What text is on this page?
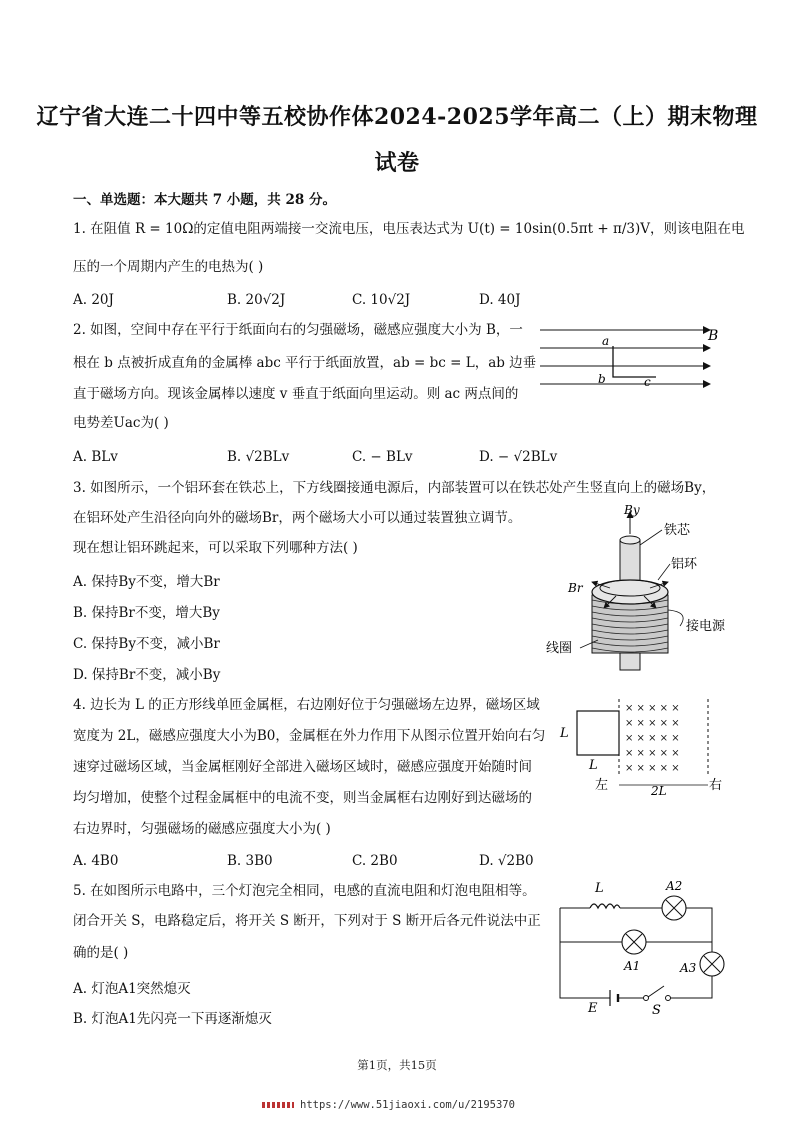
辽宁省大连二十四中等五校协作体2024-2025学年高二（上）期末物理
试卷
一、单选题：本大题共 7 小题，共 28 分。
1. 在阻值 R = 10Ω的定值电阻两端接一交流电压，电压表达式为 U(t) = 10sin(0.5πt + π/3)V，则该电阻在电
压的一个周期内产生的电热为( )
A. 20J	B. 20√2J	C. 10√2J	D. 40J
2. 如图，空间中存在平行于纸面向右的匀强磁场，磁感应强度大小为 B，一
根在 b 点被折成直角的金属棒 abc 平行于纸面放置，ab = bc = L，ab 边垂
直于磁场方向。现该金属棒以速度 v 垂直于纸面向里运动。则 ac 两点间的
电势差Uac为( )
A. BLv	B. √2BLv	C. − BLv	D. − √2BLv
a
b	c
B
3. 如图所示，一个铝环套在铁芯上，下方线圈接通电源后，内部装置可以在铁芯处产生竖直向上的磁场By，
在铝环处产生沿径向向外的磁场Br，两个磁场大小可以通过装置独立调节。
现在想让铝环跳起来，可以采取下列哪种方法( )
A. 保持By不变，增大Br
B. 保持Br不变，增大By
C. 保持By不变，减小Br
D. 保持Br不变，减小By
By
Br
铁芯
铝环
接电源
线圈
4. 边长为 L 的正方形线单匝金属框，右边刚好位于匀强磁场左边界，磁场区域
宽度为 2L，磁感应强度大小为B0，金属框在外力作用下从图示位置开始向右匀
速穿过磁场区域，当金属框刚好全部进入磁场区域时，磁感应强度开始随时间
均匀增加，使整个过程金属框中的电流不变，则当金属框右边刚好到达磁场的
右边界时，匀强磁场的磁感应强度大小为( )
A. 4B0	B. 3B0	C. 2B0	D. √2B0
L
L
× × × × ×
× × × × ×
× × × × ×
× × × × ×
× × × × ×
左	右
2L
5. 在如图所示电路中，三个灯泡完全相同，电感的直流电阻和灯泡电阻相等。
闭合开关 S，电路稳定后，将开关 S 断开，下列对于 S 断开后各元件说法中正
确的是( )
A. 灯泡A1突然熄灭
B. 灯泡A1先闪亮一下再逐渐熄灭
L	A2
A1	A3
E	S
第1页，共15页
https://www.51jiaoxi.com/u/2195370
